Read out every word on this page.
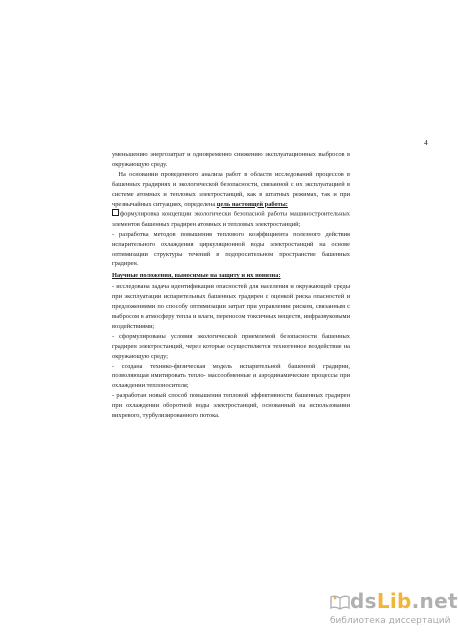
4

уменьшению энергозатрат и одновременно снижению эксплуатационных выбросов в окружающую среду.

 На основании проведенного анализа работ в области исследований процессов в башенных градирнях и экологической безопасности, связанной с их эксплуатацией в системе атомных и тепловых электростанций, как в штатных режимах, так и при чрезвычайных ситуациях, определена цель настоящей работы:

формулировка концепции экологически безопасной работы машиностроительных элементов башенных градирен атомных и тепловых электростанций;

- разработка методов повышения теплового коэффициента полезного действия испарительного охлаждения циркуляционной воды электростанций на основе оптимизации структуры течений в подоросительном пространстве башенных градирен.

Научные положения, выносимые на защиту и их новизна:

- исследована задача идентификации опасностей для населения и окружающей среды при эксплуатации испарительных башенных градирен с оценкой риска опасностей и предложениями по способу оптимизации затрат при управлении риском, связанным с выбросом в атмосферу тепла и влаги, переносом токсичных веществ, инфразвуковыми воздействиями;

- сформулированы условия экологической приемлемой безопасности башенных градирен электростанций, через которые осуществляется техногенное воздействие на окружающую среду;

- создана технико-физическая модель испарительной башенной градирни, позволяющая имитировать тепло- массообменные и аэродинамические процессы при охлаждении теплоносителя;

- разработан новый способ повышения тепловой эффективности башенных градирен при охлаждении оборотной воды электростанций, основанный на использовании вихревого, турбулизированного потока.

dsLib.net
библиотека диссертаций
